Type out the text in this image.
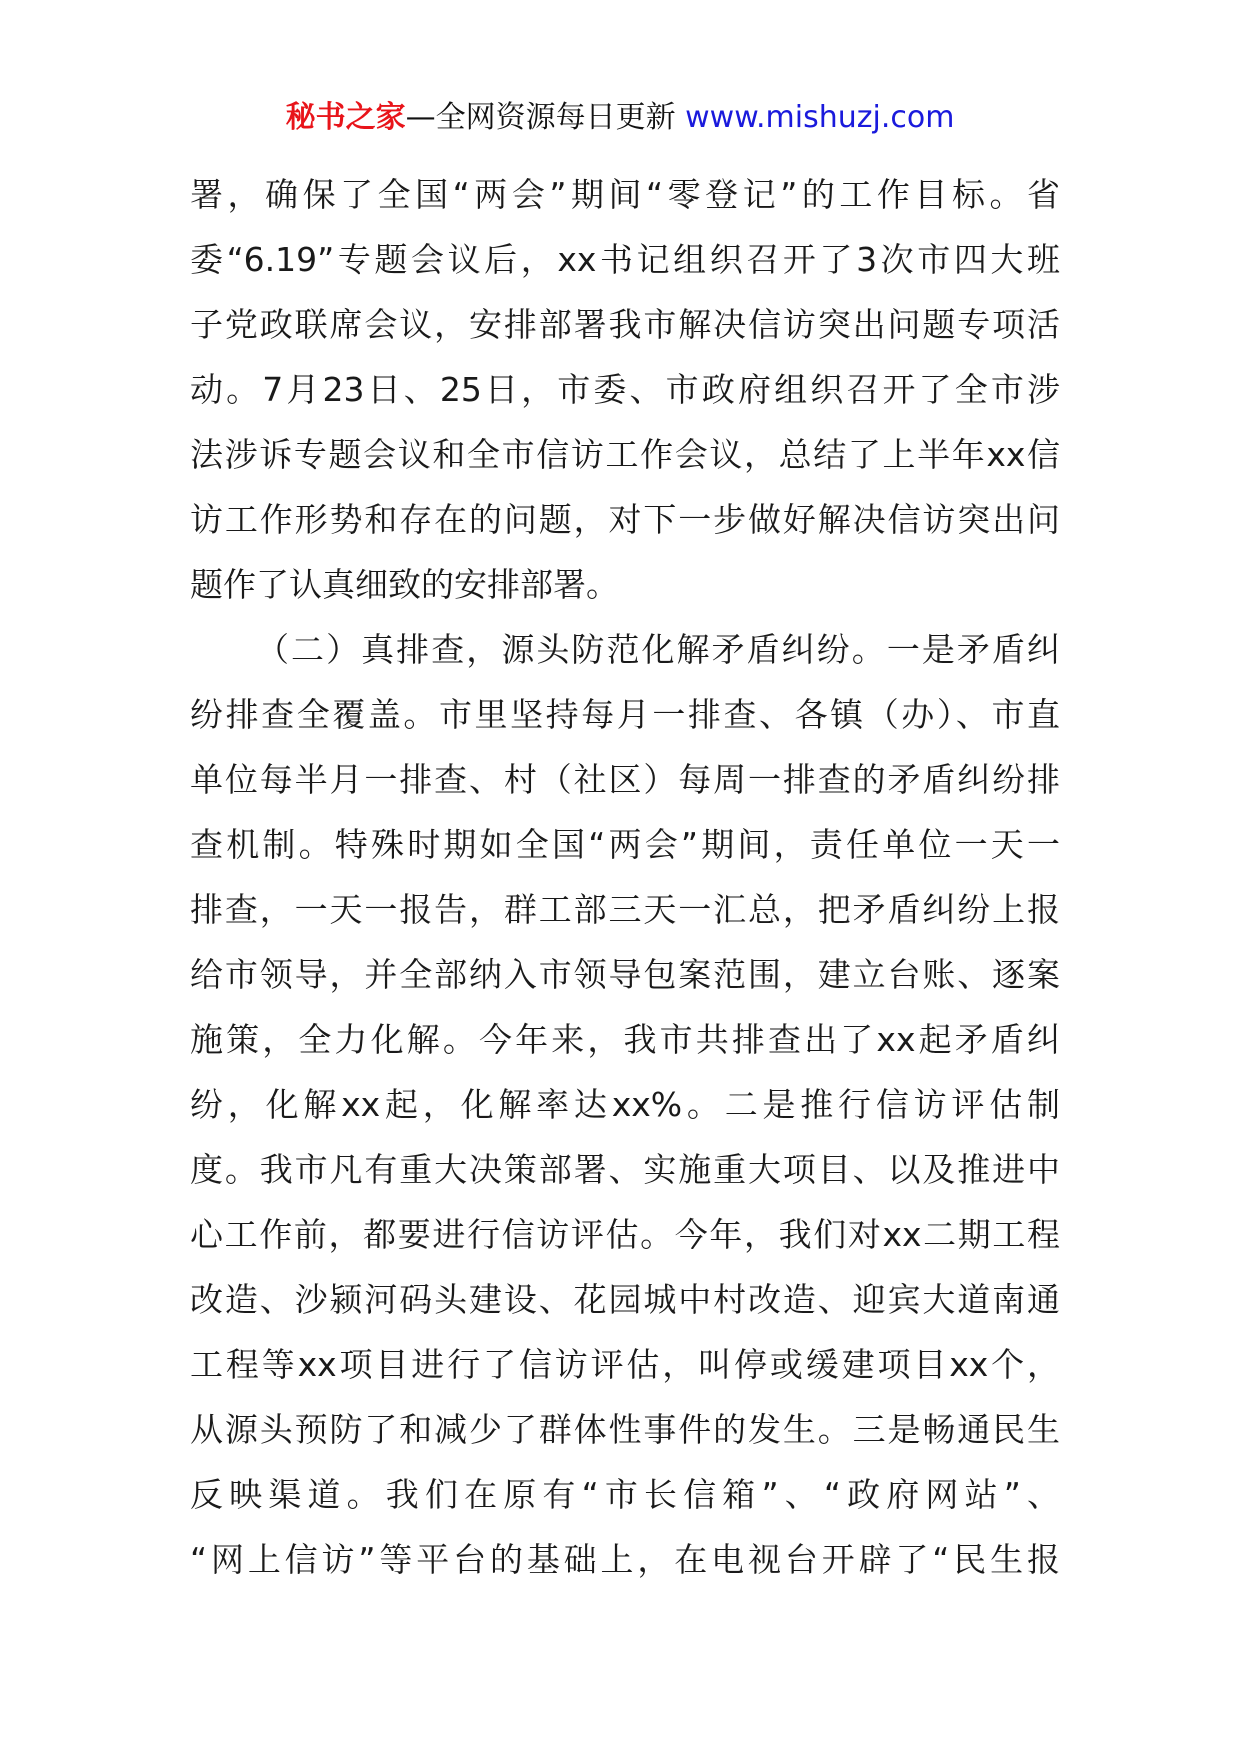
秘书之家—全网资源每日更新 www.mishuzj.com
署，确保了全国“两会”期间“零登记”的工作目标。省
委“6.19”专题会议后，xx书记组织召开了3次市四大班
子党政联席会议，安排部署我市解决信访突出问题专项活
动。7月23日、25日，市委、市政府组织召开了全市涉
法涉诉专题会议和全市信访工作会议，总结了上半年xx信
访工作形势和存在的问题，对下一步做好解决信访突出问
题作了认真细致的安排部署。
（二）真排查，源头防范化解矛盾纠纷。一是矛盾纠
纷排查全覆盖。市里坚持每月一排查、各镇（办）、市直
单位每半月一排查、村（社区）每周一排查的矛盾纠纷排
查机制。特殊时期如全国“两会”期间，责任单位一天一
排查，一天一报告，群工部三天一汇总，把矛盾纠纷上报
给市领导，并全部纳入市领导包案范围，建立台账、逐案
施策，全力化解。今年来，我市共排查出了xx起矛盾纠
纷，化解xx起，化解率达xx%。二是推行信访评估制
度。我市凡有重大决策部署、实施重大项目、以及推进中
心工作前，都要进行信访评估。今年，我们对xx二期工程
改造、沙颍河码头建设、花园城中村改造、迎宾大道南通
工程等xx项目进行了信访评估，叫停或缓建项目xx个，
从源头预防了和减少了群体性事件的发生。三是畅通民生
反映渠道。我们在原有“市长信箱”、“政府网站”、
“网上信访”等平台的基础上，在电视台开辟了“民生报
